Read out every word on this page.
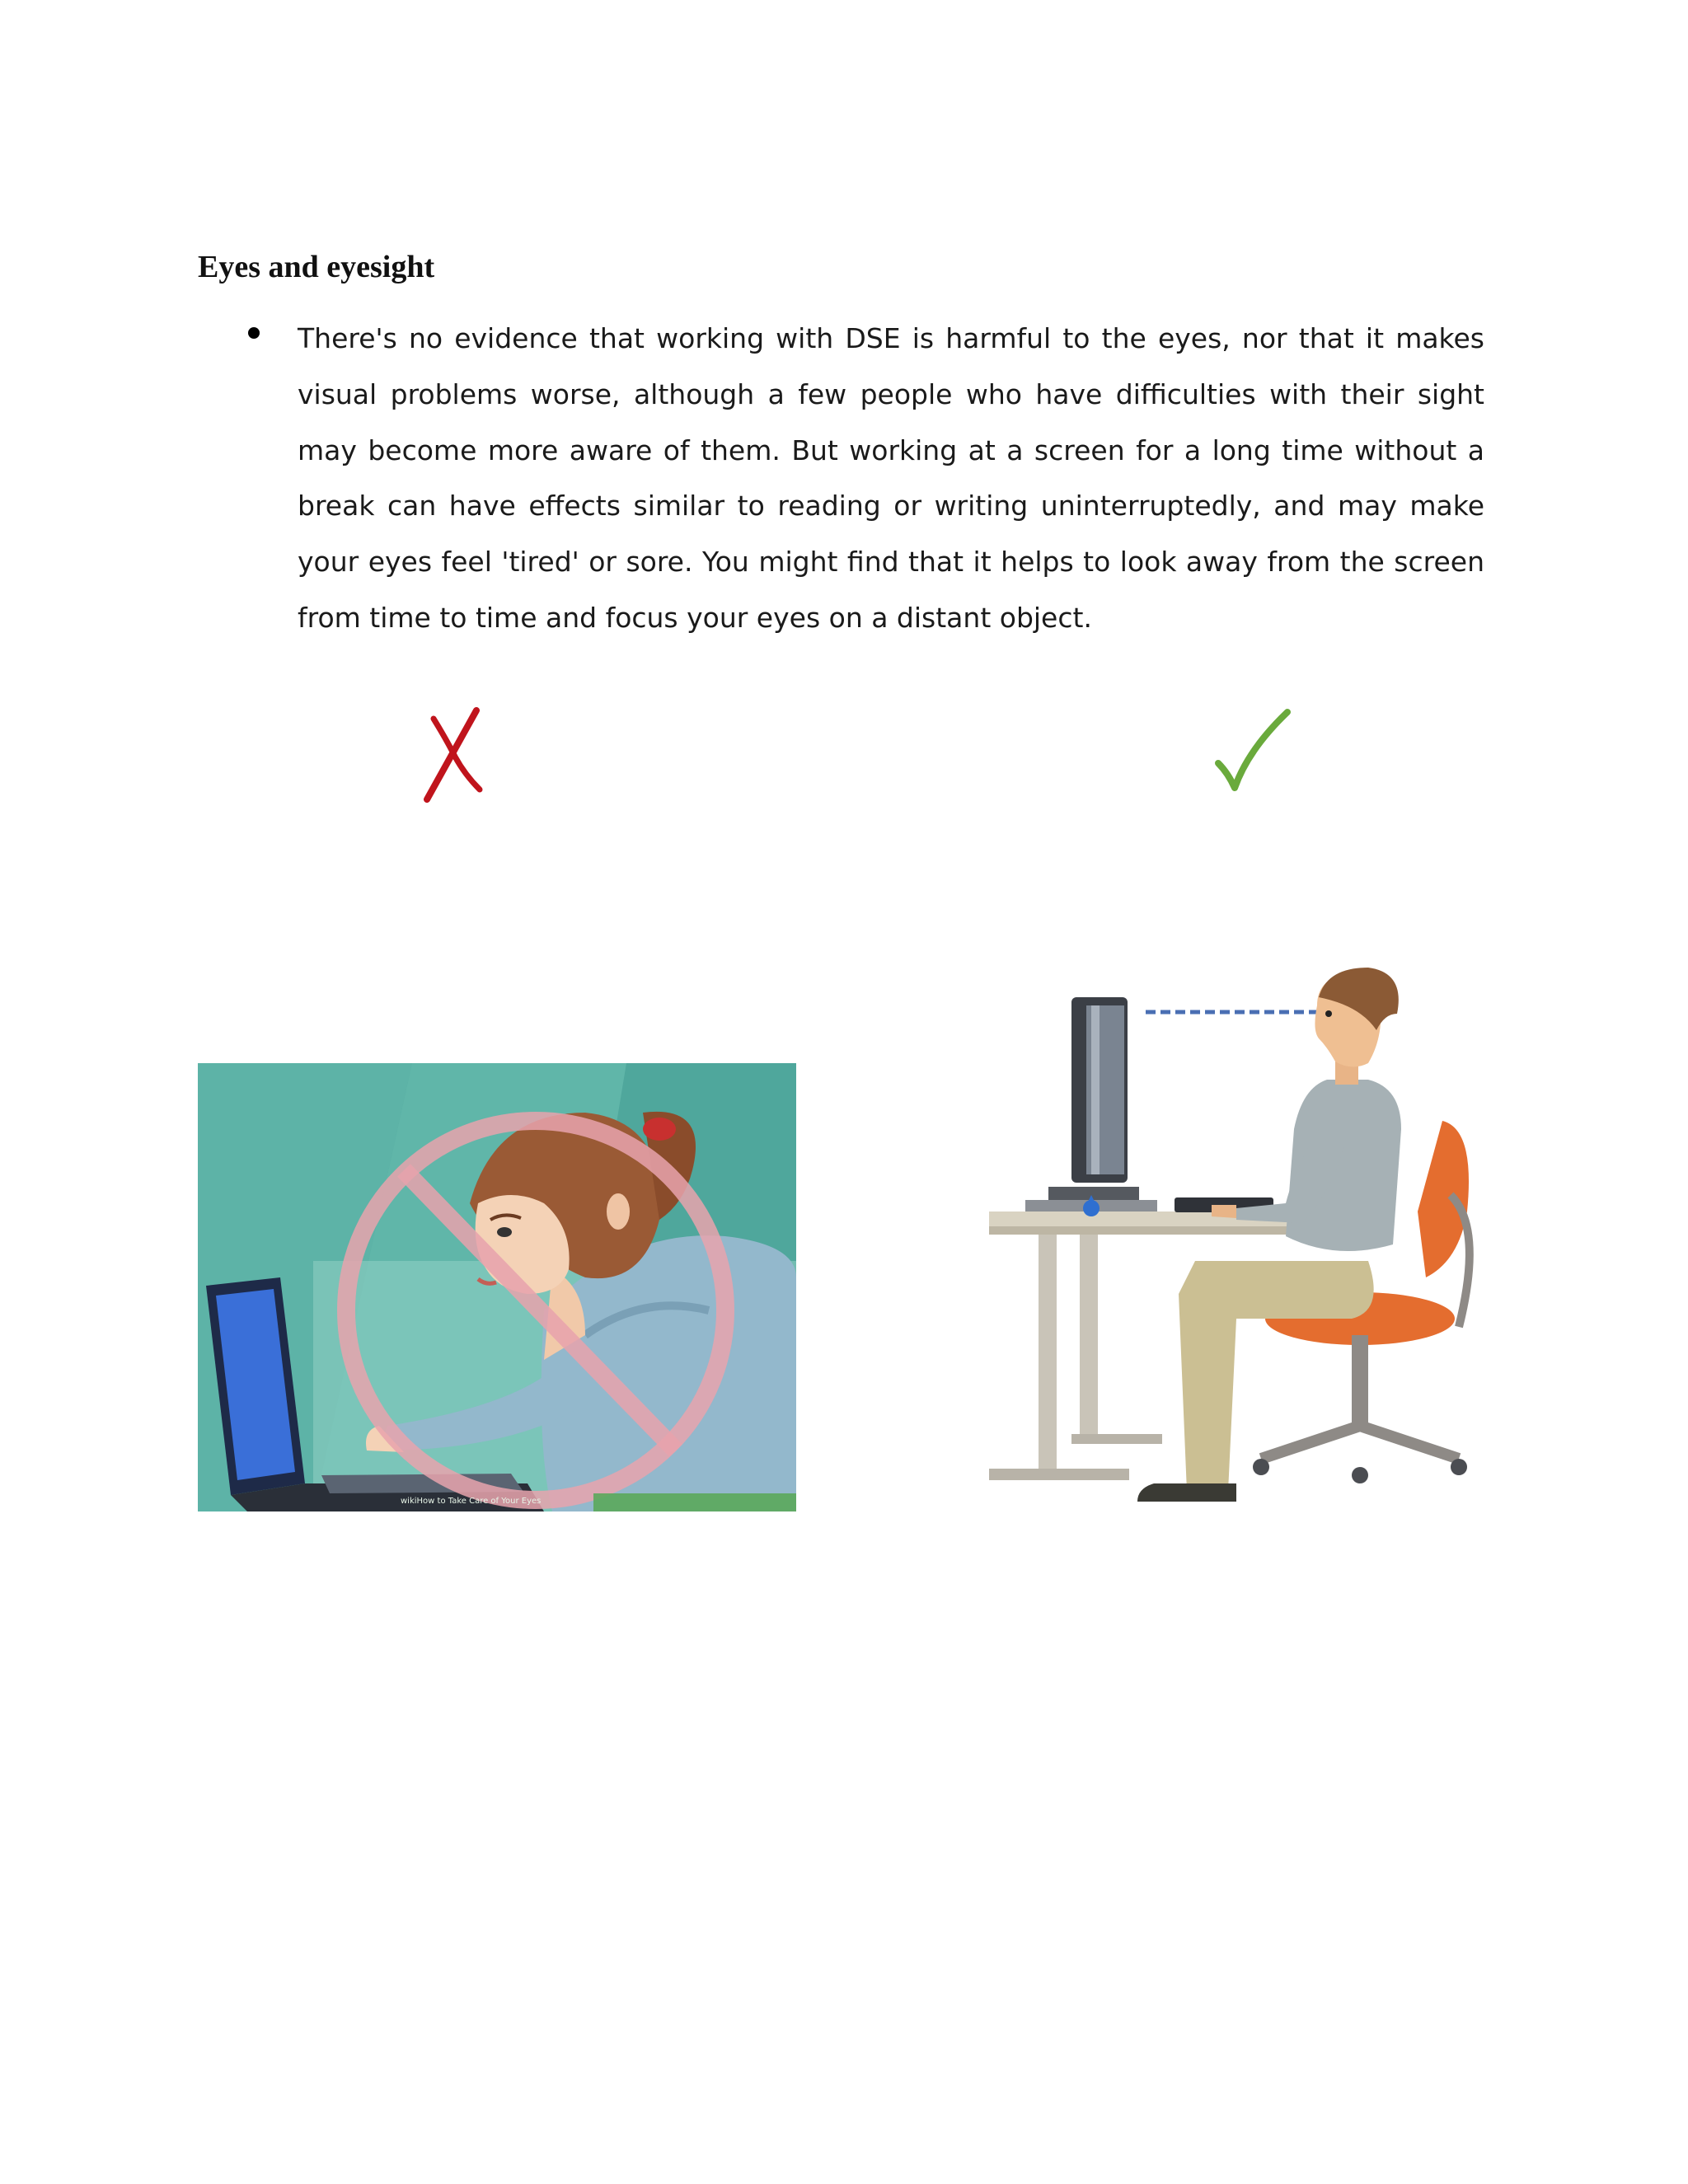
Eyes and eyesight

There's no evidence that working with DSE is harmful to the eyes, nor that it makes visual problems worse, although a few people who have difficulties with their sight may become more aware of them. But working at a screen for a long time without a break can have effects similar to reading or writing uninterruptedly, and may make your eyes feel 'tired' or sore. You might find that it helps to look away from the screen from time to time and focus your eyes on a distant object.

wikiHow to Take Care of Your Eyes
